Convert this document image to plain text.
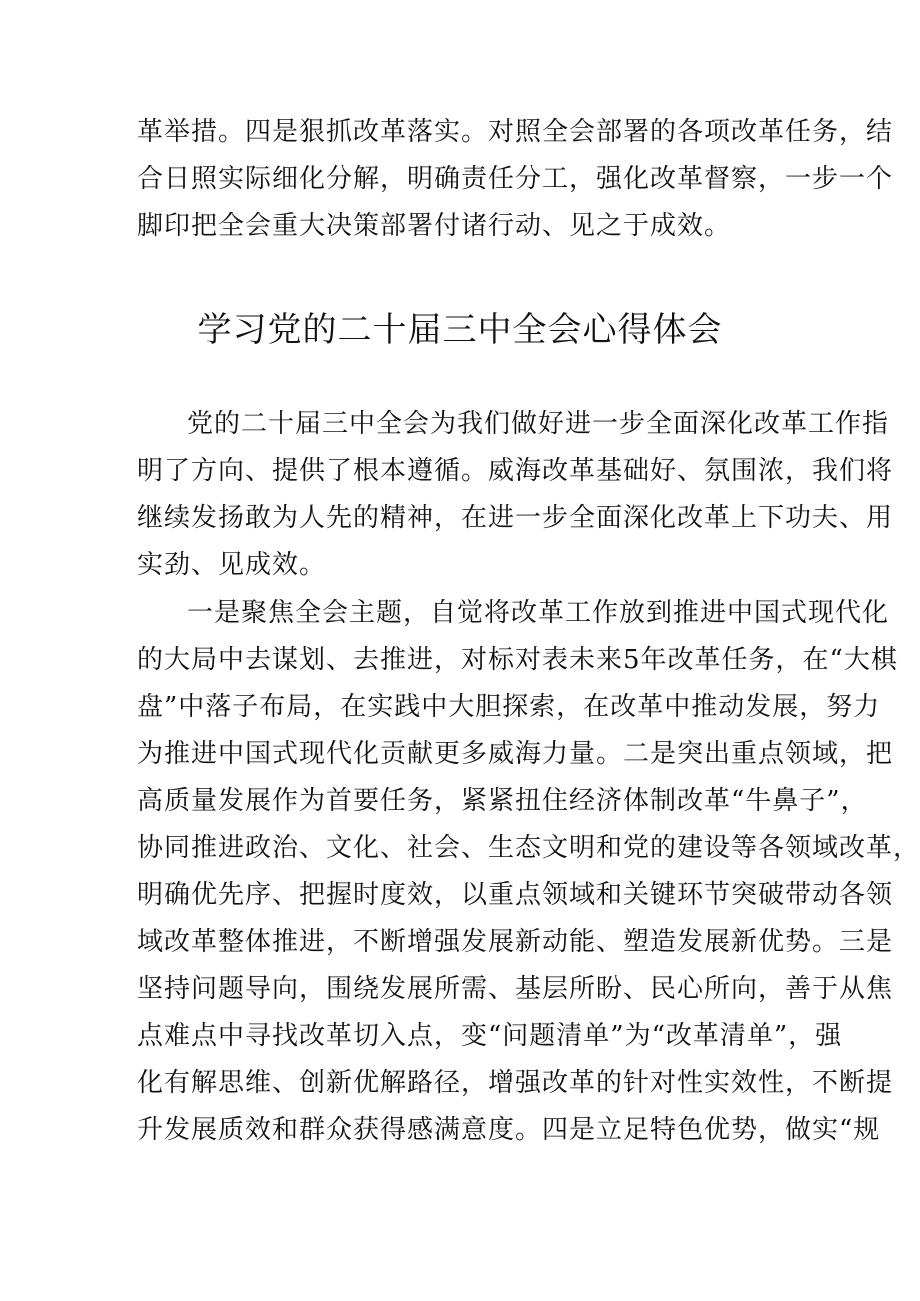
革举措。四是狠抓改革落实。对照全会部署的各项改革任务，结
合日照实际细化分解，明确责任分工，强化改革督察，一步一个
脚印把全会重大决策部署付诸行动、见之于成效。
学习党的二十届三中全会心得体会
党的二十届三中全会为我们做好进一步全面深化改革工作指
明了方向、提供了根本遵循。威海改革基础好、氛围浓，我们将
继续发扬敢为人先的精神，在进一步全面深化改革上下功夫、用
实劲、见成效。
一是聚焦全会主题，自觉将改革工作放到推进中国式现代化
的大局中去谋划、去推进，对标对表未来5年改革任务，在“大棋
盘”中落子布局，在实践中大胆探索，在改革中推动发展，努力
为推进中国式现代化贡献更多威海力量。二是突出重点领域，把
高质量发展作为首要任务，紧紧扭住经济体制改革“牛鼻子”，
协同推进政治、文化、社会、生态文明和党的建设等各领域改革，
明确优先序、把握时度效，以重点领域和关键环节突破带动各领
域改革整体推进，不断增强发展新动能、塑造发展新优势。三是
坚持问题导向，围绕发展所需、基层所盼、民心所向，善于从焦
点难点中寻找改革切入点，变“问题清单”为“改革清单”，强
化有解思维、创新优解路径，增强改革的针对性实效性，不断提
升发展质效和群众获得感满意度。四是立足特色优势，做实“规
